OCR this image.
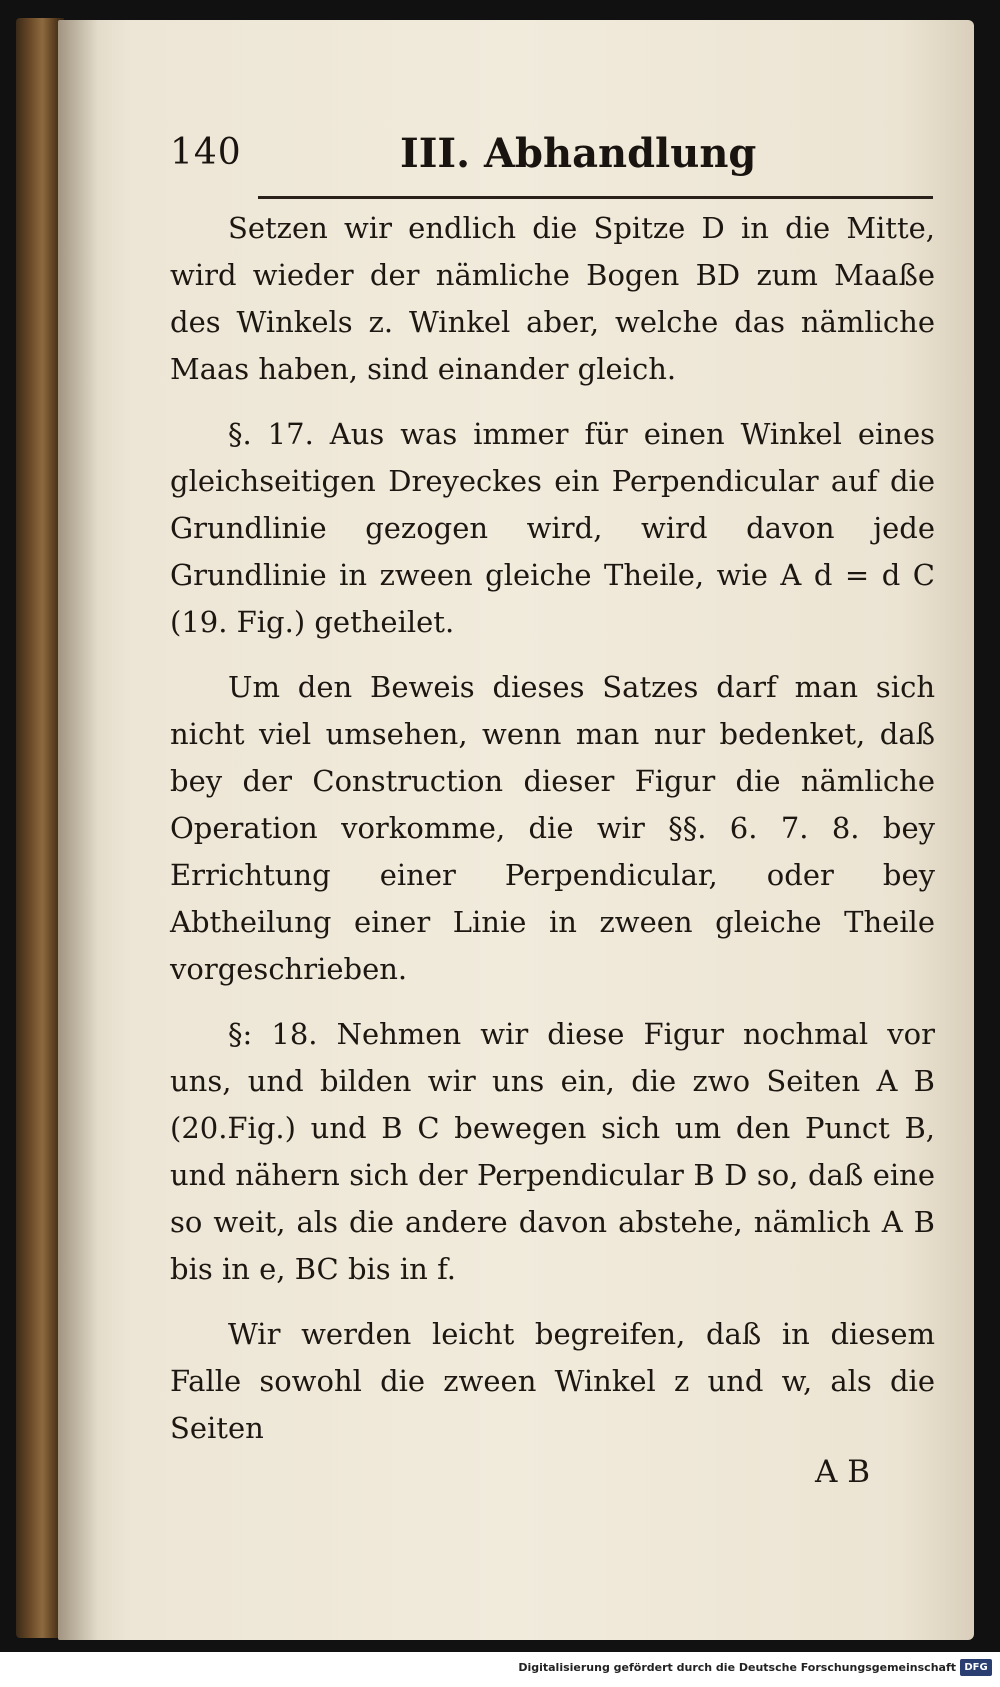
140	III. Abhandlung

Setzen wir endlich die Spitze D in die Mitte, wird wieder der nämliche Bogen BD zum Maaße des Winkels z. Winkel aber, welche das nämliche Maas haben, sind einander gleich.

§. 17. Aus was immer für einen Winkel eines gleichseitigen Dreyeckes ein Perpendicular auf die Grundlinie gezogen wird, wird davon jede Grundlinie in zween gleiche Theile, wie A d = d C (19. Fig.) getheilet.

Um den Beweis dieses Satzes darf man sich nicht viel umsehen, wenn man nur bedenket, daß bey der Construction dieser Figur die nämliche Operation vorkomme, die wir §§. 6. 7. 8. bey Errichtung einer Perpendicular, oder bey Abtheilung einer Linie in zween gleiche Theile vorgeschrieben.

§: 18. Nehmen wir diese Figur nochmal vor uns, und bilden wir uns ein, die zwo Seiten A B (20.Fig.) und B C bewegen sich um den Punct B, und nähern sich der Perpendicular B D so, daß eine so weit, als die andere davon abstehe, nämlich A B bis in e, BC bis in f.

Wir werden leicht begreifen, daß in diesem Falle sowohl die zween Winkel z und w, als die Seiten

A B
Digitalisierung gefördert durch die Deutsche Forschungsgemeinschaft DFG
